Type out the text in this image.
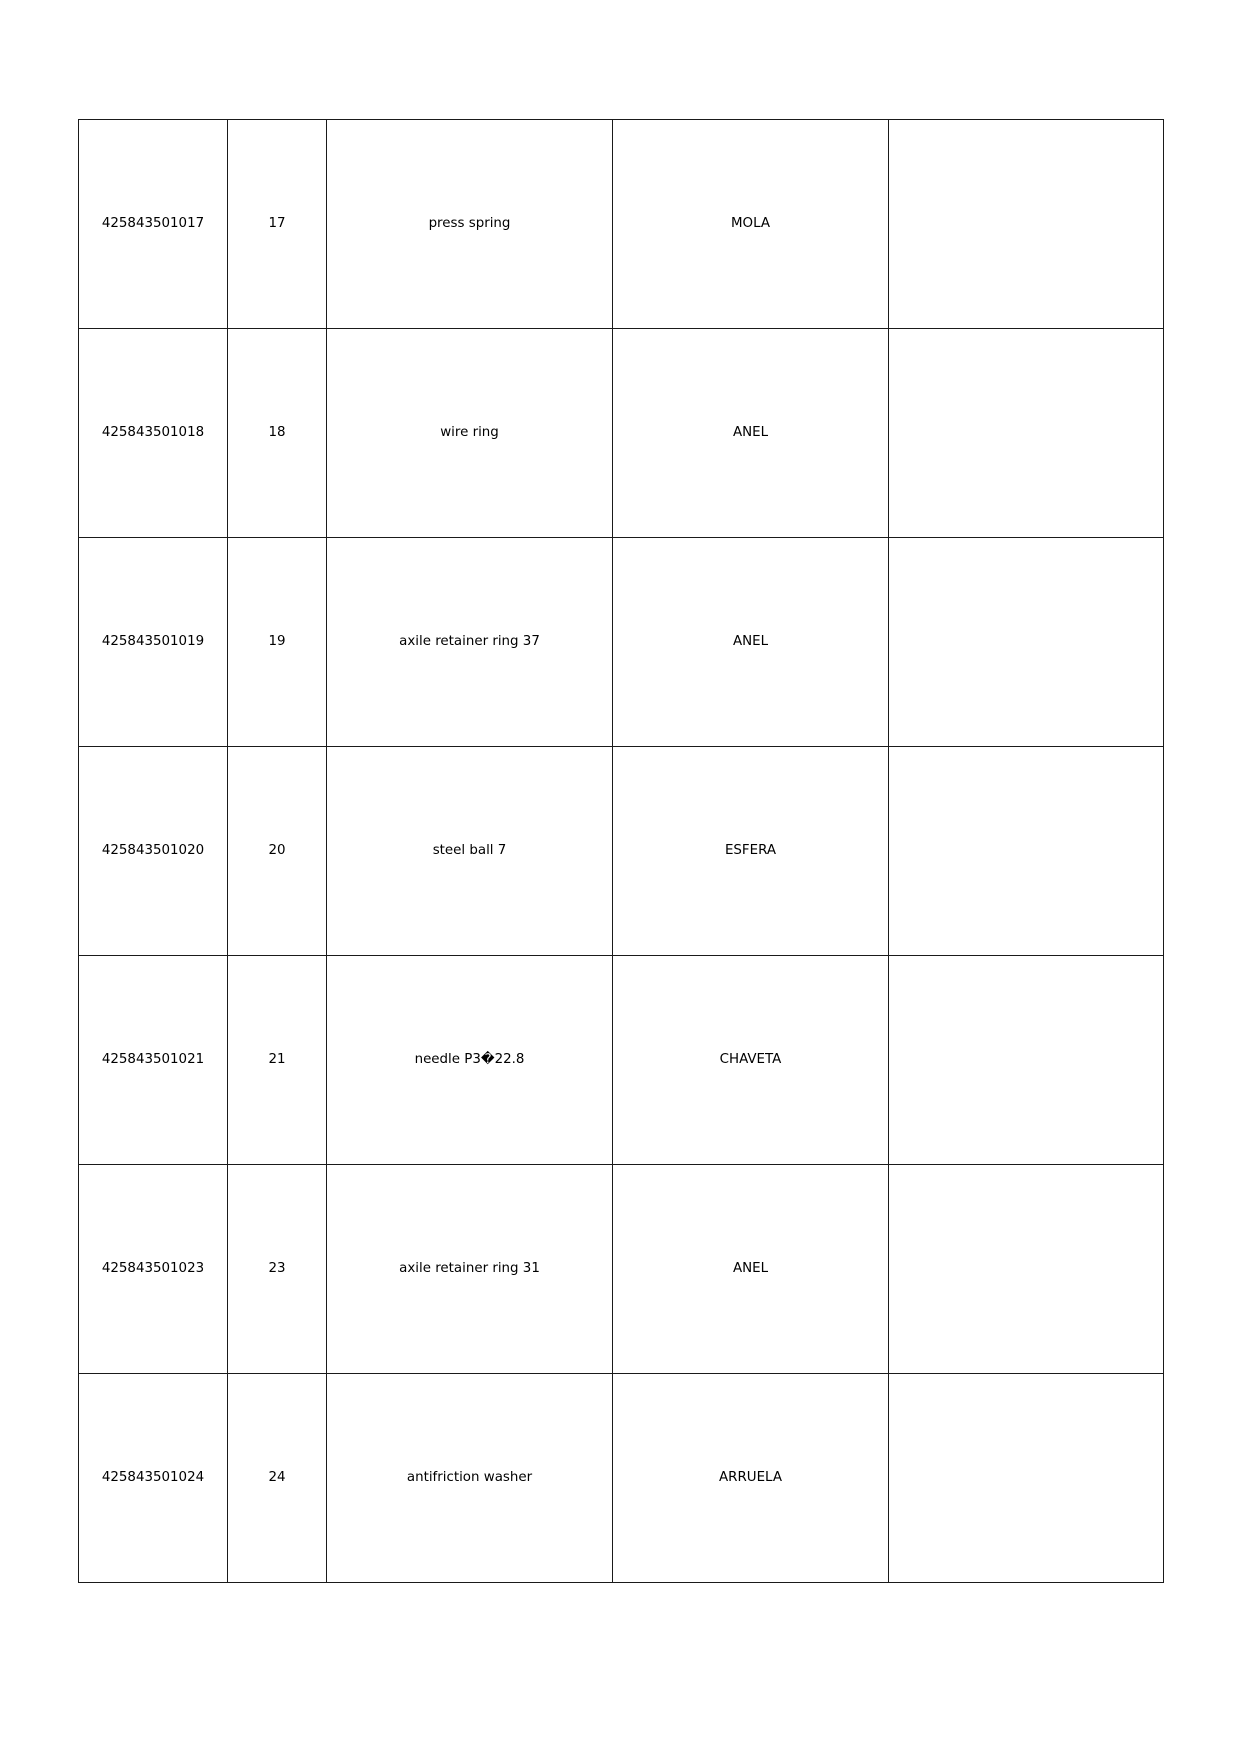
425843501017	17	press spring	MOLA	
425843501018	18	wire ring	ANEL	
425843501019	19	axile retainer ring 37	ANEL	
425843501020	20	steel ball 7	ESFERA	
425843501021	21	needle P3�22.8	CHAVETA	
425843501023	23	axile retainer ring 31	ANEL	
425843501024	24	antifriction washer	ARRUELA	
